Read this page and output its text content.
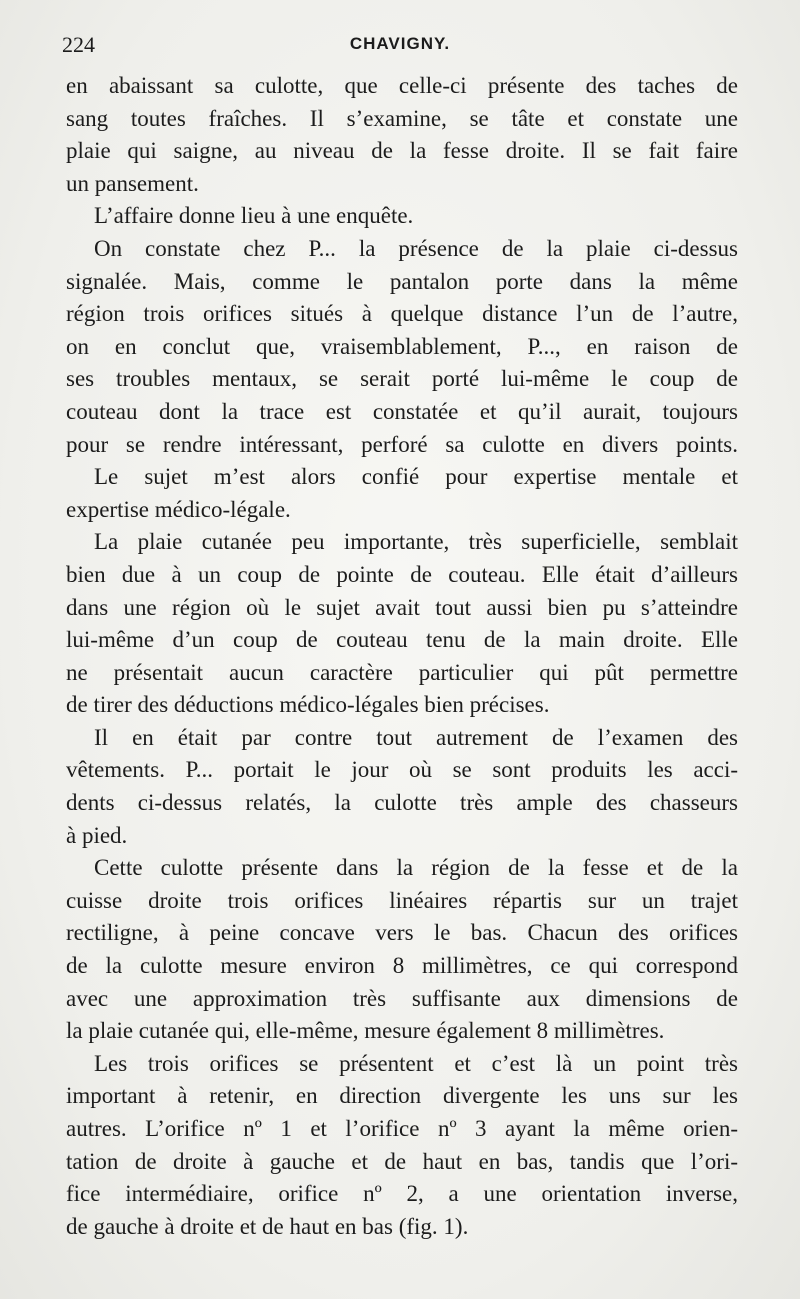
224	CHAVIGNY.
en abaissant sa culotte, que celle-ci présente des taches de
sang toutes fraîches. Il s’examine, se tâte et constate une
plaie qui saigne, au niveau de la fesse droite. Il se fait faire
un pansement.
L’affaire donne lieu à une enquête.
On constate chez P... la présence de la plaie ci-dessus
signalée. Mais, comme le pantalon porte dans la même
région trois orifices situés à quelque distance l’un de l’autre,
on en conclut que, vraisemblablement, P..., en raison de
ses troubles mentaux, se serait porté lui-même le coup de
couteau dont la trace est constatée et qu’il aurait, toujours
pour se rendre intéressant, perforé sa culotte en divers points.
Le sujet m’est alors confié pour expertise mentale et
expertise médico-légale.
La plaie cutanée peu importante, très superficielle, semblait
bien due à un coup de pointe de couteau. Elle était d’ailleurs
dans une région où le sujet avait tout aussi bien pu s’atteindre
lui-même d’un coup de couteau tenu de la main droite. Elle
ne présentait aucun caractère particulier qui pût permettre
de tirer des déductions médico-légales bien précises.
Il en était par contre tout autrement de l’examen des
vêtements. P... portait le jour où se sont produits les acci-
dents ci-dessus relatés, la culotte très ample des chasseurs
à pied.
Cette culotte présente dans la région de la fesse et de la
cuisse droite trois orifices linéaires répartis sur un trajet
rectiligne, à peine concave vers le bas. Chacun des orifices
de la culotte mesure environ 8 millimètres, ce qui correspond
avec une approximation très suffisante aux dimensions de
la plaie cutanée qui, elle-même, mesure également 8 millimètres.
Les trois orifices se présentent et c’est là un point très
important à retenir, en direction divergente les uns sur les
autres. L’orifice nº 1 et l’orifice nº 3 ayant la même orien-
tation de droite à gauche et de haut en bas, tandis que l’ori-
fice intermédiaire, orifice nº 2, a une orientation inverse,
de gauche à droite et de haut en bas (fig. 1).
